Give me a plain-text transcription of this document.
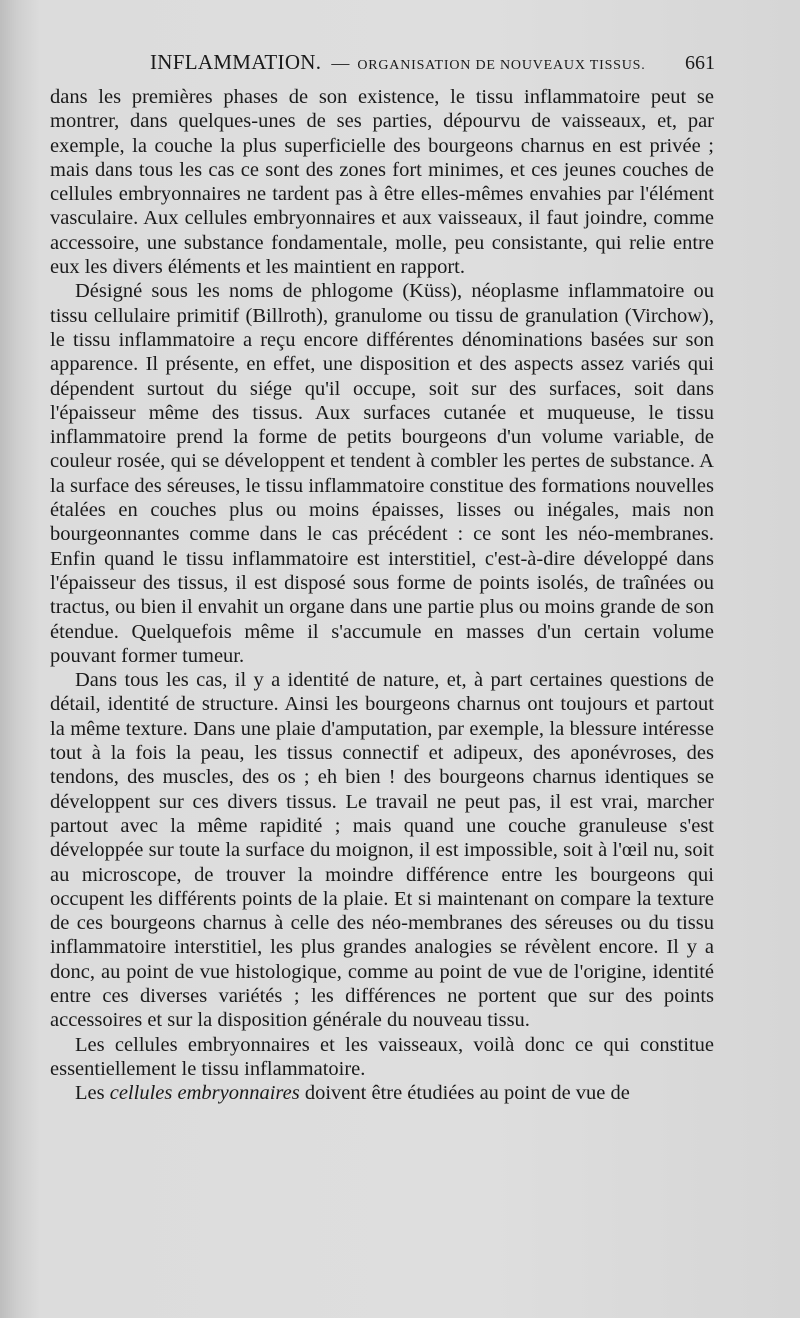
INFLAMMATION. — ORGANISATION DE NOUVEAUX TISSUS. 661

dans les premières phases de son existence, le tissu inflammatoire peut se montrer, dans quelques-unes de ses parties, dépourvu de vaisseaux, et, par exemple, la couche la plus superficielle des bourgeons charnus en est privée ; mais dans tous les cas ce sont des zones fort minimes, et ces jeunes couches de cellules embryonnaires ne tardent pas à être elles-mêmes envahies par l'élément vasculaire. Aux cellules embryonnaires et aux vaisseaux, il faut joindre, comme accessoire, une substance fondamentale, molle, peu consistante, qui relie entre eux les divers éléments et les maintient en rapport.

Désigné sous les noms de phlogome (Küss), néoplasme inflammatoire ou tissu cellulaire primitif (Billroth), granulome ou tissu de granulation (Virchow), le tissu inflammatoire a reçu encore différentes dénominations basées sur son apparence. Il présente, en effet, une disposition et des aspects assez variés qui dépendent surtout du siége qu'il occupe, soit sur des surfaces, soit dans l'épaisseur même des tissus. Aux surfaces cutanée et muqueuse, le tissu inflammatoire prend la forme de petits bourgeons d'un volume variable, de couleur rosée, qui se développent et tendent à combler les pertes de substance. A la surface des séreuses, le tissu inflammatoire constitue des formations nouvelles étalées en couches plus ou moins épaisses, lisses ou inégales, mais non bourgeonnantes comme dans le cas précédent : ce sont les néo-membranes. Enfin quand le tissu inflammatoire est interstitiel, c'est-à-dire développé dans l'épaisseur des tissus, il est disposé sous forme de points isolés, de traînées ou tractus, ou bien il envahit un organe dans une partie plus ou moins grande de son étendue. Quelquefois même il s'accumule en masses d'un certain volume pouvant former tumeur.

Dans tous les cas, il y a identité de nature, et, à part certaines questions de détail, identité de structure. Ainsi les bourgeons charnus ont toujours et partout la même texture. Dans une plaie d'amputation, par exemple, la blessure intéresse tout à la fois la peau, les tissus connectif et adipeux, des aponévroses, des tendons, des muscles, des os ; eh bien ! des bourgeons charnus identiques se développent sur ces divers tissus. Le travail ne peut pas, il est vrai, marcher partout avec la même rapidité ; mais quand une couche granuleuse s'est développée sur toute la surface du moignon, il est impossible, soit à l'œil nu, soit au microscope, de trouver la moindre différence entre les bourgeons qui occupent les différents points de la plaie. Et si maintenant on compare la texture de ces bourgeons charnus à celle des néo-membranes des séreuses ou du tissu inflammatoire interstitiel, les plus grandes analogies se révèlent encore. Il y a donc, au point de vue histologique, comme au point de vue de l'origine, identité entre ces diverses variétés ; les différences ne portent que sur des points accessoires et sur la disposition générale du nouveau tissu.

Les cellules embryonnaires et les vaisseaux, voilà donc ce qui constitue essentiellement le tissu inflammatoire.

Les cellules embryonnaires doivent être étudiées au point de vue de
